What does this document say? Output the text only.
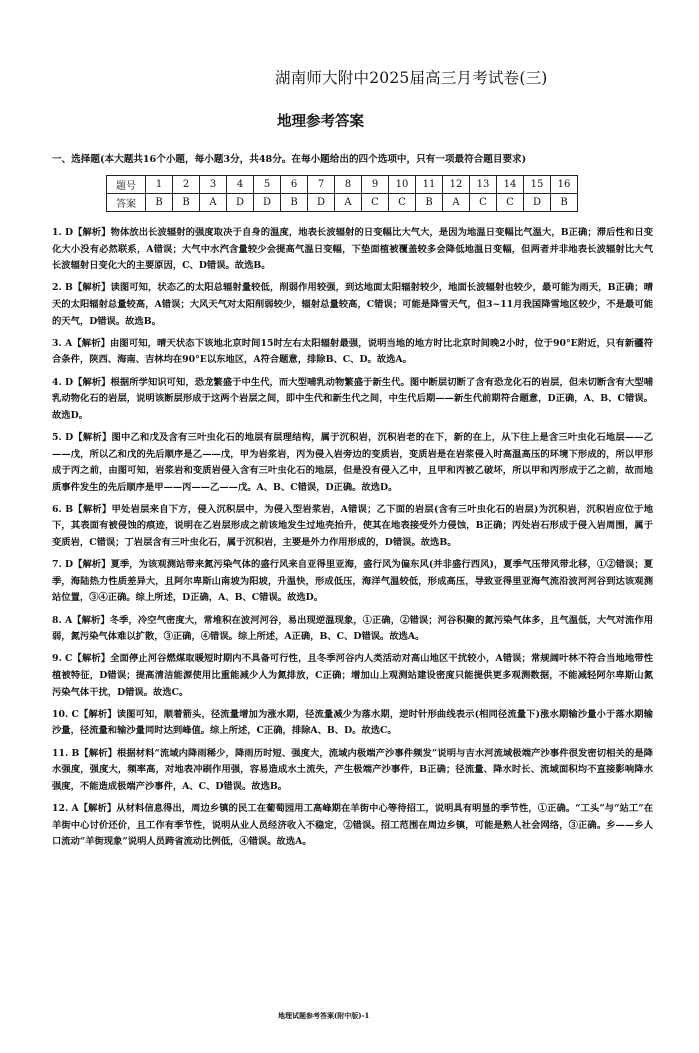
湖南师大附中2025届高三月考试卷(三)
地理参考答案
一、选择题(本大题共16个小题，每小题3分，共48分。在每小题给出的四个选项中，只有一项最符合题目要求)
题号	1	2	3	4	5	6	7	8	9	10	11	12	13	14	15	16
答案	B	B	A	D	D	B	D	A	C	C	B	A	C	C	D	B

1. D【解析】物体放出长波辐射的强度取决于自身的温度，地表长波辐射的日变幅比大气大，是因为地温日变幅比气温大，B正确；滞后性和日变化大小没有必然联系，A错误；大气中水汽含量较少会提高气温日变幅，下垫面植被覆盖较多会降低地温日变幅，但两者并非地表长波辐射比大气长波辐射日变化大的主要原因，C、D错误。故选B。

2. B【解析】读图可知，状态乙的太阳总辐射量较低，削弱作用较强，到达地面太阳辐射较少，地面长波辐射也较少，最可能为雨天，B正确；晴天的太阳辐射总量较高，A错误；大风天气对太阳削弱较少，辐射总量较高，C错误；可能是降雪天气，但3~11月我国降雪地区较少，不是最可能的天气，D错误。故选B。

3. A【解析】由图可知，晴天状态下该地北京时间15时左右太阳辐射最强，说明当地的地方时比北京时间晚2小时，位于90°E附近，只有新疆符合条件，陕西、海南、吉林均在90°E以东地区，A符合题意，排除B、C、D。故选A。

4. D【解析】根据所学知识可知，恐龙繁盛于中生代，而大型哺乳动物繁盛于新生代。图中断层切断了含有恐龙化石的岩层，但未切断含有大型哺乳动物化石的岩层，说明该断层形成于这两个岩层之间，即中生代和新生代之间，中生代后期——新生代前期符合题意，D正确，A、B、C错误。故选D。

5. D【解析】图中乙和戊及含有三叶虫化石的地层有层理结构，属于沉积岩，沉积岩老的在下，新的在上，从下往上是含三叶虫化石地层——乙——戊，所以乙和戊的先后顺序是乙——戊，甲为岩浆岩，丙为侵入岩旁边的变质岩，变质岩是在岩浆侵入时高温高压的环境下形成的，所以甲形成于丙之前，由图可知，岩浆岩和变质岩侵入含有三叶虫化石的地层，但是没有侵入乙中，且甲和丙被乙破坏，所以甲和丙形成于乙之前，故而地质事件发生的先后顺序是甲——丙——乙——戊。A、B、C错误，D正确。故选D。

6. B【解析】甲处岩层来自下方，侵入沉积层中，为侵入型岩浆岩，A错误；乙下面的岩层(含有三叶虫化石的岩层)为沉积岩，沉积岩应位于地下，其表面有被侵蚀的痕迹，说明在乙岩层形成之前该地发生过地壳抬升，使其在地表接受外力侵蚀，B正确；丙处岩石形成于侵入岩周围，属于变质岩，C错误；丁岩层含有三叶虫化石，属于沉积岩，主要是外力作用形成的，D错误。故选B。

7. D【解析】夏季，为该观测站带来氮污染气体的盛行风来自亚得里亚海，盛行风为偏东风(并非盛行西风)，夏季气压带风带北移，①②错误；夏季，海陆热力性质差异大，且阿尔卑斯山南坡为阳坡，升温快，形成低压，海洋气温较低，形成高压，导致亚得里亚海气流沿波河河谷到达该观测站位置，③④正确。综上所述，D正确，A、B、C错误。故选D。

8. A【解析】冬季，冷空气密度大，常堆积在波河河谷，易出现逆温现象，①正确，②错误；河谷积聚的氮污染气体多，且气温低，大气对流作用弱，氮污染气体难以扩散，③正确，④错误。综上所述，A正确，B、C、D错误。故选A。

9. C【解析】全面停止河谷燃煤取暖短时期内不具备可行性，且冬季河谷内人类活动对高山地区干扰较小，A错误；常规阔叶林不符合当地地带性植被特征，D错误；提高清洁能源使用比重能减少人为氮排放，C正确；增加山上观测站建设密度只能提供更多观测数据，不能减轻阿尔卑斯山氮污染气体干扰，D错误。故选C。

10. C【解析】读图可知，顺着箭头，径流量增加为涨水期，径流量减少为落水期，逆时针形曲线表示(相同径流量下)涨水期输沙量小于落水期输沙量，径流量和输沙量同时达到峰值。综上所述，C正确，排除A、B、D。故选C。

11. B【解析】根据材料“流域内降雨稀少，降雨历时短、强度大，流域内极端产沙事件频发”说明与吉水河流域极端产沙事件很发密切相关的是降水强度，强度大，频率高，对地表冲刷作用强，容易造成水土流失，产生极端产沙事件，B正确；径流量、降水时长、流域面积均不直接影响降水强度，不能造成极端产沙事件，A、C、D错误。故选B。

12. A【解析】从材料信息得出，周边乡镇的民工在葡萄园用工高峰期在羊街中心等待招工，说明具有明显的季节性，①正确。“工头”与“站工”在羊街中心讨价还价，且工作有季节性，说明从业人员经济收入不稳定，②错误。招工范围在周边乡镇，可能是熟人社会网络，③正确。乡——乡人口流动“羊街现象”说明人员跨省流动比例低，④错误。故选A。

地理试题参考答案(附中版)-1
